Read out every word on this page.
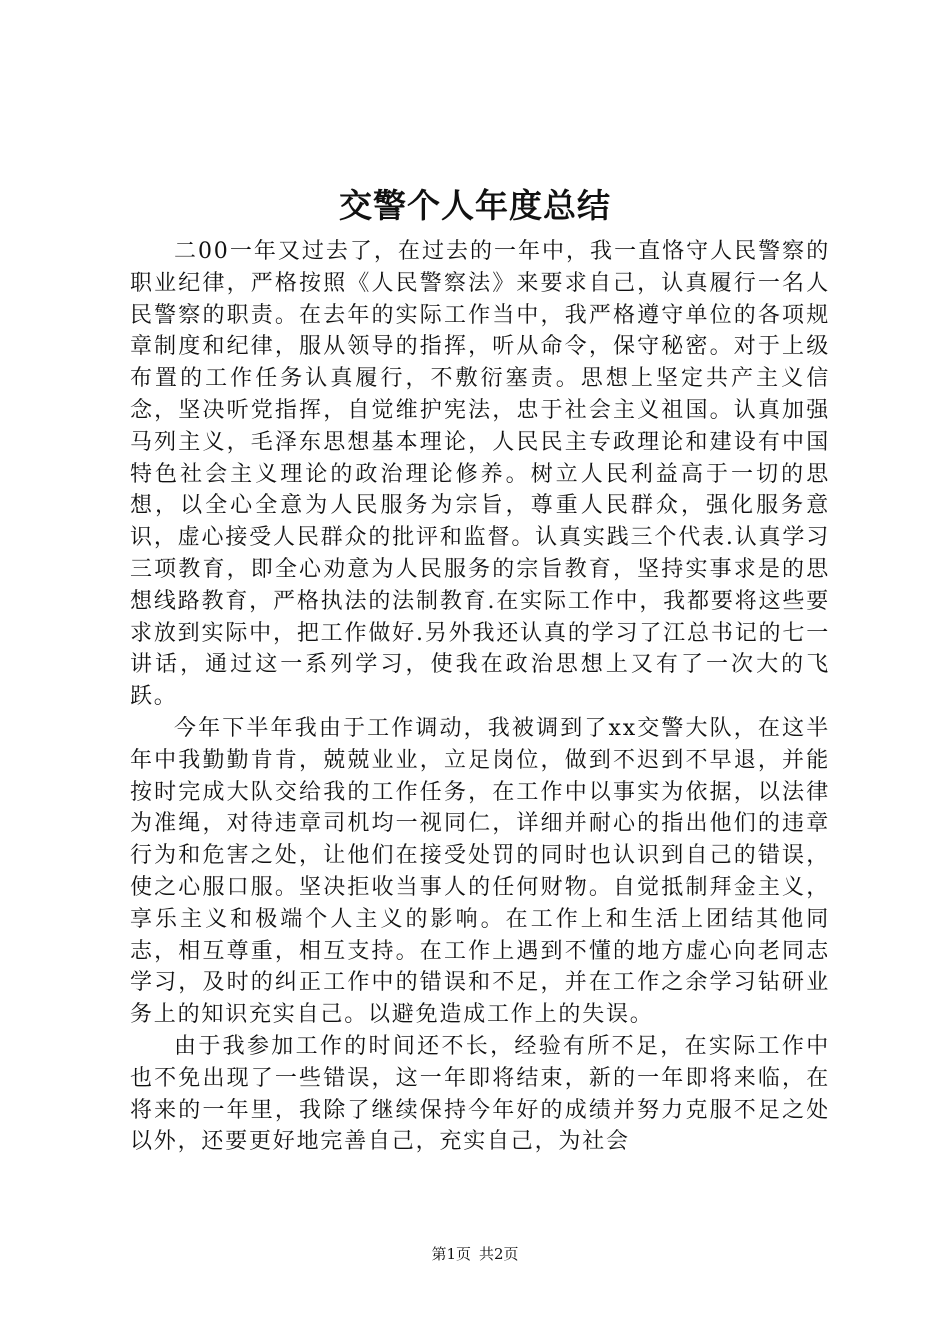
交警个人年度总结

二00一年又过去了，在过去的一年中，我一直恪守人民警察的职业纪律，严格按照《人民警察法》来要求自己，认真履行一名人民警察的职责。在去年的实际工作当中，我严格遵守单位的各项规章制度和纪律，服从领导的指挥，听从命令，保守秘密。对于上级布置的工作任务认真履行，不敷衍塞责。思想上坚定共产主义信念，坚决听党指挥，自觉维护宪法，忠于社会主义祖国。认真加强马列主义，毛泽东思想基本理论，人民民主专政理论和建设有中国特色社会主义理论的政治理论修养。树立人民利益高于一切的思想，以全心全意为人民服务为宗旨，尊重人民群众，强化服务意识，虚心接受人民群众的批评和监督。认真实践三个代表.认真学习三项教育，即全心劝意为人民服务的宗旨教育，坚持实事求是的思想线路教育，严格执法的法制教育.在实际工作中，我都要将这些要求放到实际中，把工作做好.另外我还认真的学习了江总书记的七一讲话，通过这一系列学习，使我在政治思想上又有了一次大的飞跃。

今年下半年我由于工作调动，我被调到了xx交警大队，在这半年中我勤勤肯肯，兢兢业业，立足岗位，做到不迟到不早退，并能按时完成大队交给我的工作任务，在工作中以事实为依据，以法律为准绳，对待违章司机均一视同仁，详细并耐心的指出他们的违章行为和危害之处，让他们在接受处罚的同时也认识到自己的错误，使之心服口服。坚决拒收当事人的任何财物。自觉抵制拜金主义，享乐主义和极端个人主义的影响。在工作上和生活上团结其他同志，相互尊重，相互支持。在工作上遇到不懂的地方虚心向老同志学习，及时的纠正工作中的错误和不足，并在工作之余学习钻研业务上的知识充实自己。以避免造成工作上的失误。

由于我参加工作的时间还不长，经验有所不足，在实际工作中也不免出现了一些错误，这一年即将结束，新的一年即将来临，在将来的一年里，我除了继续保持今年好的成绩并努力克服不足之处以外，还要更好地完善自己，充实自己，为社会

第1页 共2页
